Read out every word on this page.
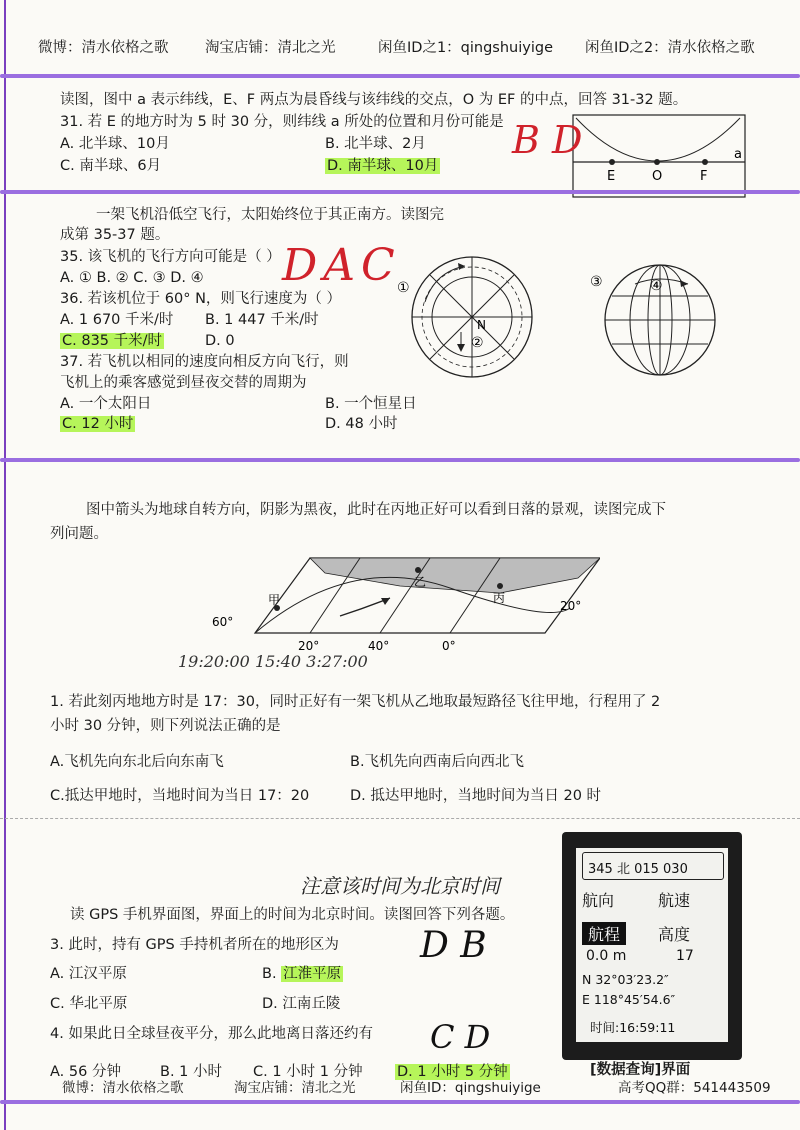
微博：清水依格之歌	淘宝店铺：清北之光	闲鱼ID之1：qingshuiyige 闲鱼ID之2：清水依格之歌
读图，图中 a 表示纬线，E、F 两点为晨昏线与该纬线的交点，O 为 EF 的中点，回答 31-32 题。
31. 若 E 的地方时为 5 时 30 分，则纬线 a 所处的位置和月份可能是
A. 北半球、10月	B. 北半球、2月
C. 南半球、6月	D. 南半球、10月
E	O	F
a
B D
一架飞机沿低空飞行，太阳始终位于其正南方。读图完
成第 35-37 题。
35. 该飞机的飞行方向可能是（ ）
A. ① B. ② C. ③ D. ④
36. 若该机位于 60° N，则飞行速度为（ ）
A. 1 670 千米/时 B. 1 447 千米/时
C. 835 千米/时	D. 0
37. 若飞机以相同的速度向相反方向飞行，则
飞机上的乘客感觉到昼夜交替的周期为
A. 一个太阳日	B. 一个恒星日
C. 12 小时	D. 48 小时
①
②
N
③	④
D A C
图中箭头为地球自转方向，阴影为黑夜，此时在丙地正好可以看到日落的景观，读图完成下
列问题。
甲
乙
丙
60°
20°	40°	0°
20°
19:20:00 15:40 3:27:00
1. 若此刻丙地地方时是 17：30，同时正好有一架飞机从乙地取最短路径飞往甲地，行程用了 2
小时 30 分钟，则下列说法正确的是
A.飞机先向东北后向东南飞	B.飞机先向西南后向西北飞
C.抵达甲地时，当地时间为当日 17：20	D. 抵达甲地时，当地时间为当日 20 时
注意该时间为北京时间
读 GPS 手机界面图，界面上的时间为北京时间。读图回答下列各题。
3. 此时，持有 GPS 手持机者所在的地形区为
A. 江汉平原	B. 江淮平原
C. 华北平原	D. 江南丘陵
4. 如果此日全球昼夜平分，那么此地离日落还约有
A. 56 分钟	B. 1 小时 C. 1 小时 1 分钟 D. 1 小时 5 分钟
D B
C D
345 北 015 030
航向	航速
航程	高度
0.0 m	17
N 32°03′23.2″
E 118°45′54.6″
时间:16:59:11
[数据查询]界面
微博：清水依格之歌	淘宝店铺：清北之光	闲鱼ID：qingshuiyige	高考QQ群：541443509
